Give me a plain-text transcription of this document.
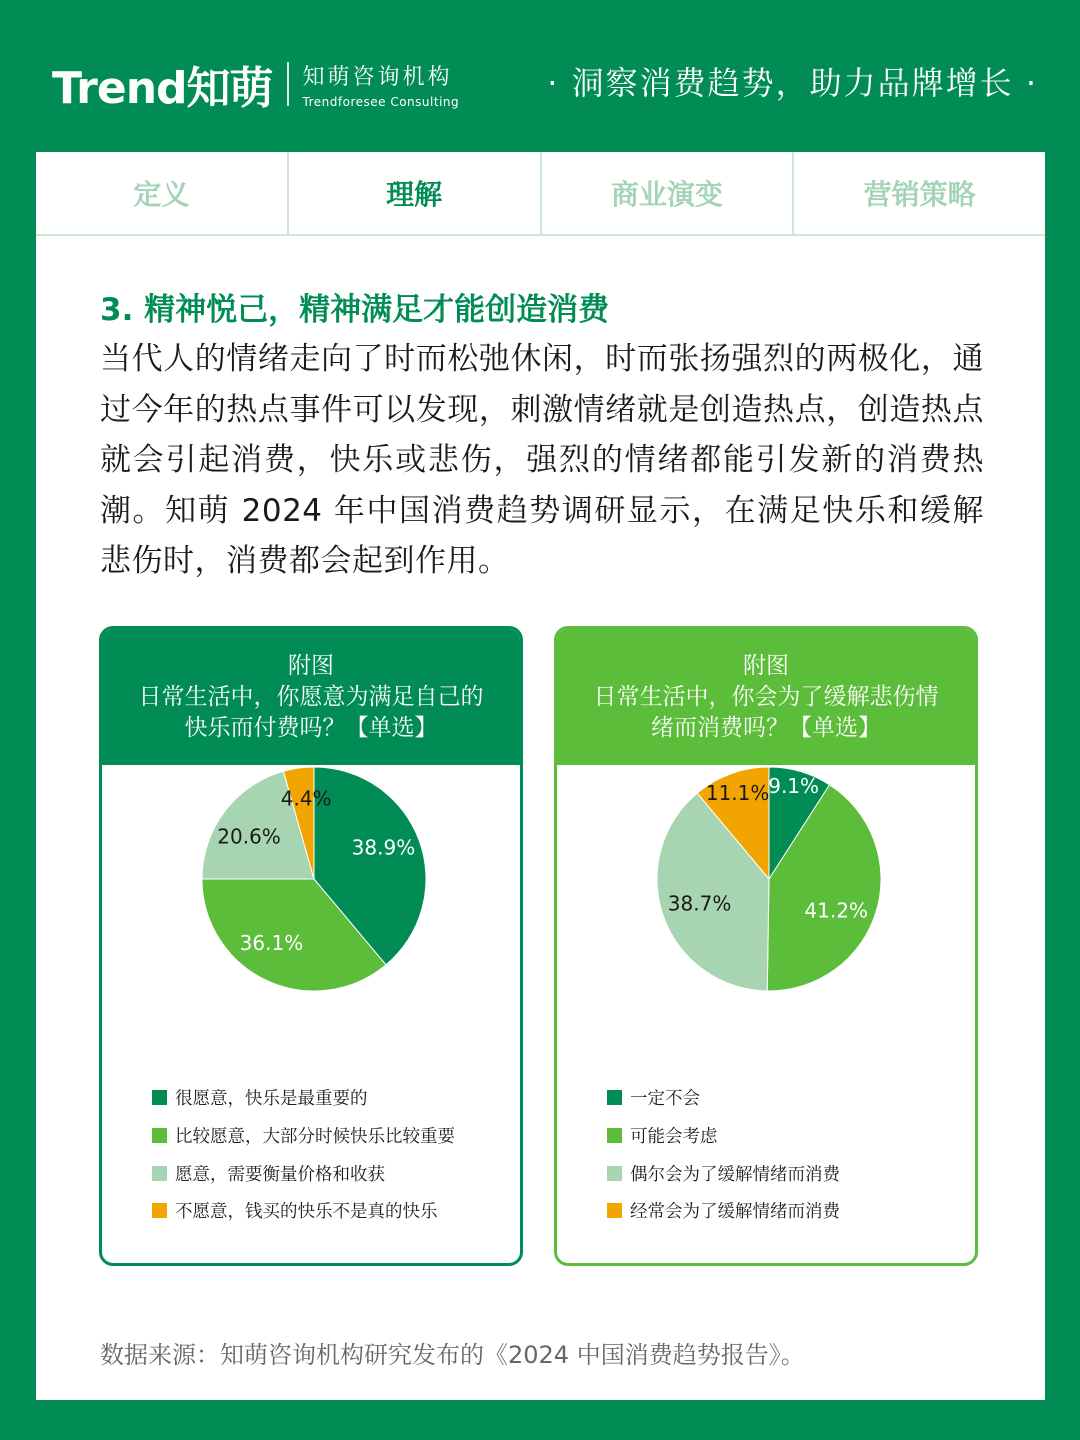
Trend知萌 知萌咨询机构
Trendforesee Consulting	· 洞察消费趋势，助力品牌增长 ·
定义	理解	商业演变	营销策略
3. 精神悦己，精神满足才能创造消费
当代人的情绪走向了时而松弛休闲，时而张扬强烈的两极化，通过今年的热点事件可以发现，刺激情绪就是创造热点，创造热点就会引起消费，快乐或悲伤，强烈的情绪都能引发新的消费热潮。知萌 2024 年中国消费趋势调研显示，在满足快乐和缓解悲伤时，消费都会起到作用。
附图
日常生活中，你愿意为满足自己的快乐而付费吗？【单选】
38.9%
36.1%
20.6%
4.4%
很愿意，快乐是最重要的
比较愿意，大部分时候快乐比较重要
愿意，需要衡量价格和收获
不愿意，钱买的快乐不是真的快乐
附图
日常生活中，你会为了缓解悲伤情绪而消费吗？【单选】
9.1%
41.2%
38.7%
11.1%
一定不会
可能会考虑
偶尔会为了缓解情绪而消费
经常会为了缓解情绪而消费
数据来源：知萌咨询机构研究发布的《2024 中国消费趋势报告》。
